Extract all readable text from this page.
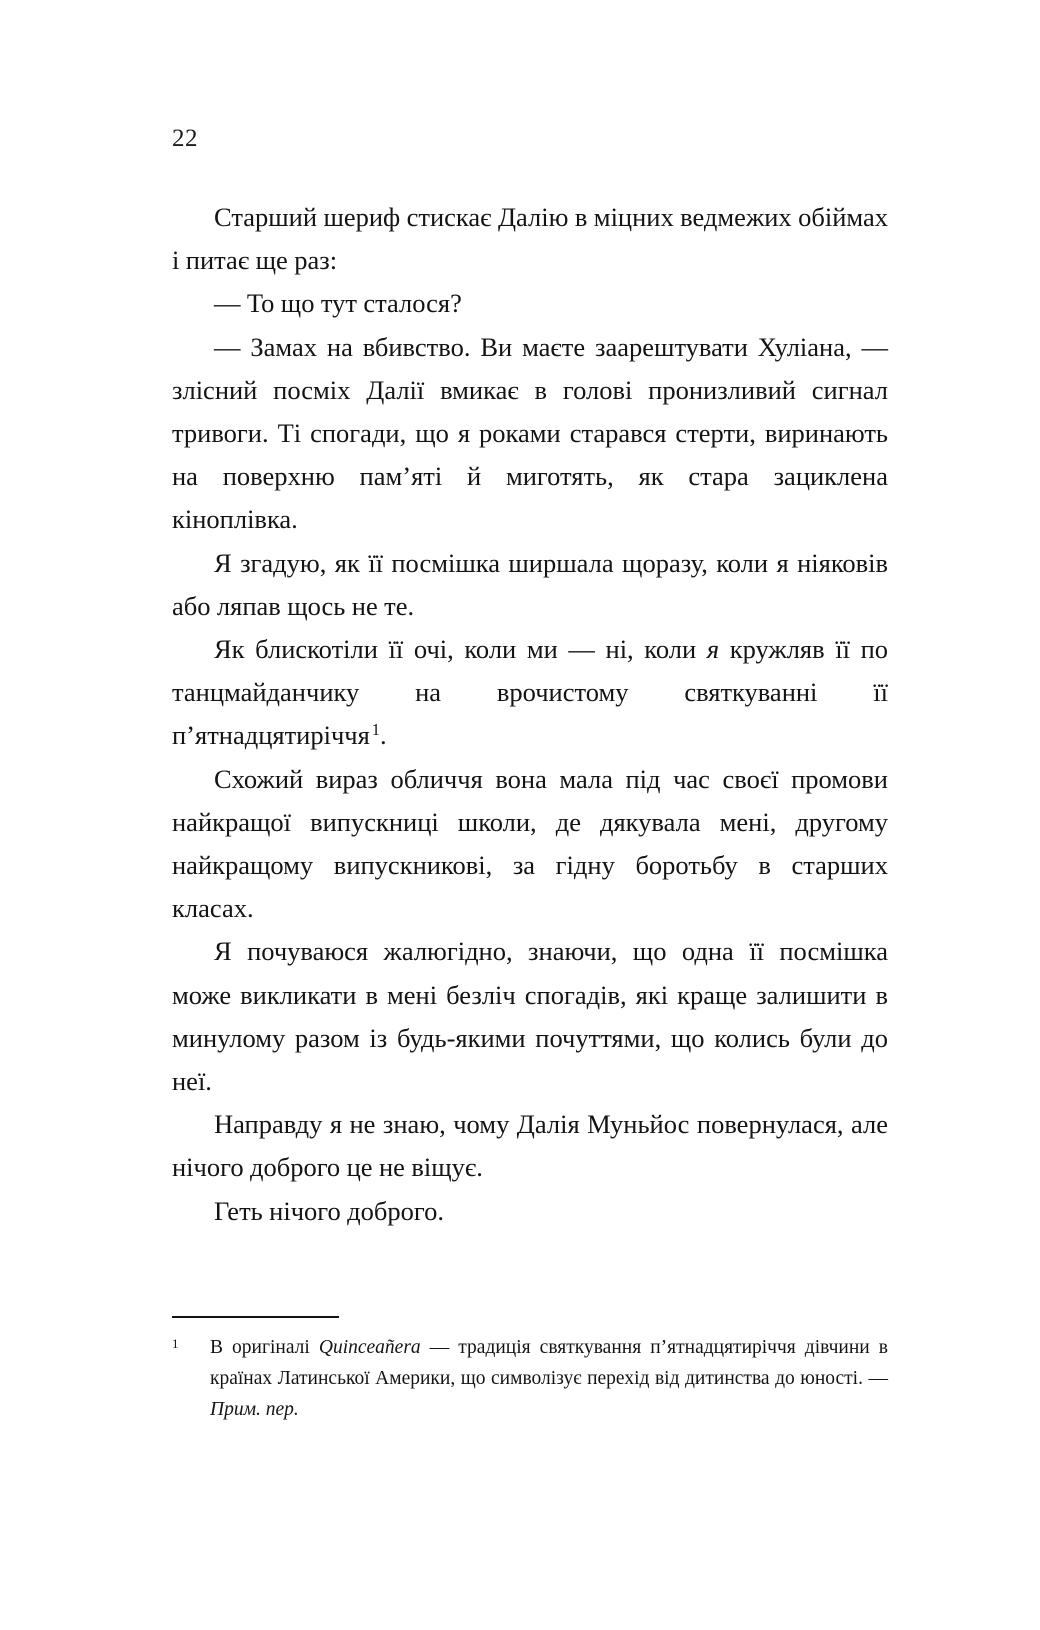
22

Старший шериф стискає Далію в міцних ведмежих обіймах і питає ще раз:

— То що тут сталося?

— Замах на вбивство. Ви маєте заарештувати Хуліана, — злісний посміх Далії вмикає в голові пронизливий сигнал тривоги. Ті спогади, що я роками старався стерти, виринають на поверхню пам’яті й миготять, як стара зациклена кіноплівка.

Я згадую, як її посмішка ширшала щоразу, коли я ніяковів або ляпав щось не те.

Як блискотіли її очі, коли ми — ні, коли я кружляв її по танцмайданчику на врочистому святкуванні її п’ятнадцятиріччя $^1$.

Схожий вираз обличчя вона мала під час своєї промови найкращої випускниці школи, де дякувала мені, другому найкращому випускникові, за гідну боротьбу в старших класах.

Я почуваюся жалюгідно, знаючи, що одна її посмішка може викликати в мені безліч спогадів, які краще залишити в минулому разом із будь-якими почуттями, що колись були до неї.

Направду я не знаю, чому Далія Муньйос повернулася, але нічого доброго це не віщує.

Геть нічого доброго.

1 В оригіналі Quinceañera — традиція святкування п’ятнадцятиріччя дівчини в країнах Латинської Америки, що символізує перехід від дитинства до юності. — Прим. пер.
